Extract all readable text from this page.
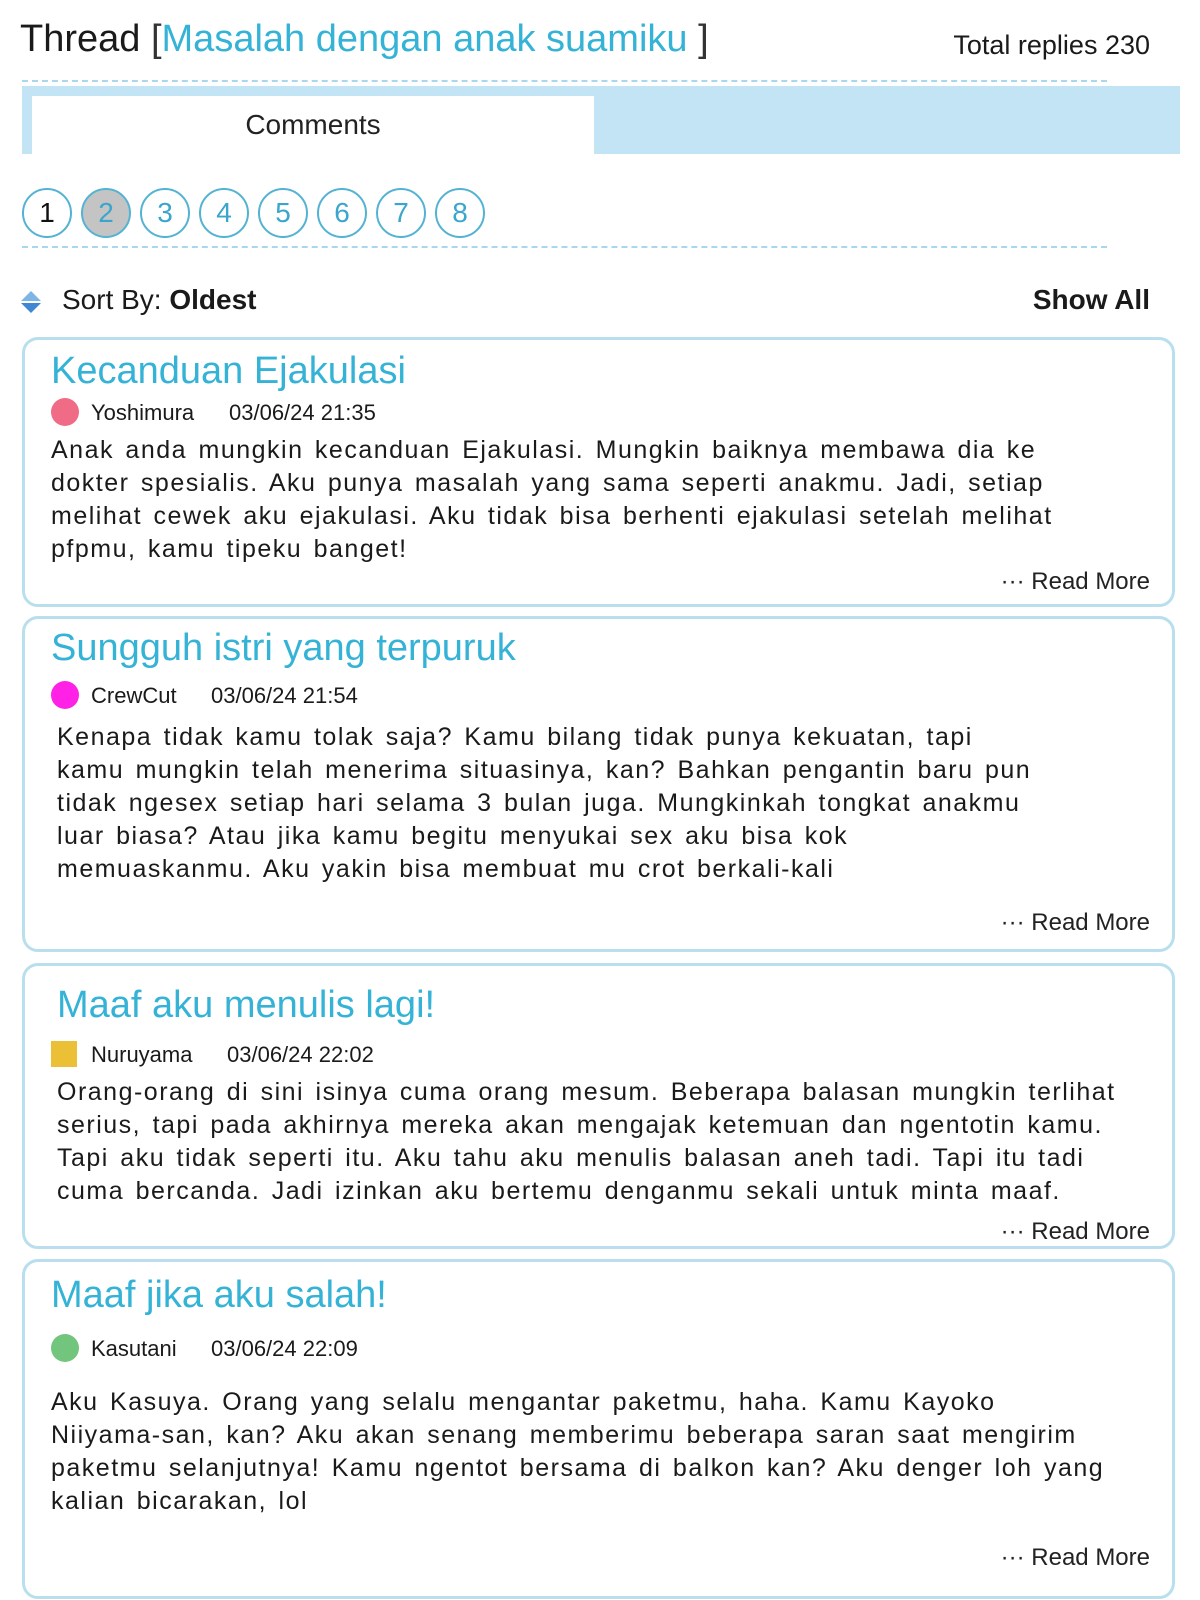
Thread [Masalah dengan anak suamiku ]	Total replies 230
Comments
1	2	3	4	5	6	7	8
Sort By: Oldest	Show All
Kecanduan Ejakulasi
Yoshimura 03/06/24 21:35
Anak anda mungkin kecanduan Ejakulasi. Mungkin baiknya membawa dia ke dokter spesialis. Aku punya masalah yang sama seperti anakmu. Jadi, setiap melihat cewek aku ejakulasi. Aku tidak bisa berhenti ejakulasi setelah melihat pfpmu, kamu tipeku banget!
··· Read More
Sungguh istri yang terpuruk
CrewCut 03/06/24 21:54
Kenapa tidak kamu tolak saja? Kamu bilang tidak punya kekuatan, tapi kamu mungkin telah menerima situasinya, kan? Bahkan pengantin baru pun tidak ngesex setiap hari selama 3 bulan juga. Mungkinkah tongkat anakmu luar biasa? Atau jika kamu begitu menyukai sex aku bisa kok memuaskanmu. Aku yakin bisa membuat mu crot berkali-kali
··· Read More
Maaf aku menulis lagi!
Nuruyama 03/06/24 22:02
Orang-orang di sini isinya cuma orang mesum. Beberapa balasan mungkin terlihat serius, tapi pada akhirnya mereka akan mengajak ketemuan dan ngentotin kamu. Tapi aku tidak seperti itu. Aku tahu aku menulis balasan aneh tadi. Tapi itu tadi cuma bercanda. Jadi izinkan aku bertemu denganmu sekali untuk minta maaf.
··· Read More
Maaf jika aku salah!
Kasutani 03/06/24 22:09
Aku Kasuya. Orang yang selalu mengantar paketmu, haha. Kamu Kayoko Niiyama-san, kan? Aku akan senang memberimu beberapa saran saat mengirim paketmu selanjutnya! Kamu ngentot bersama di balkon kan? Aku denger loh yang kalian bicarakan, lol
··· Read More
